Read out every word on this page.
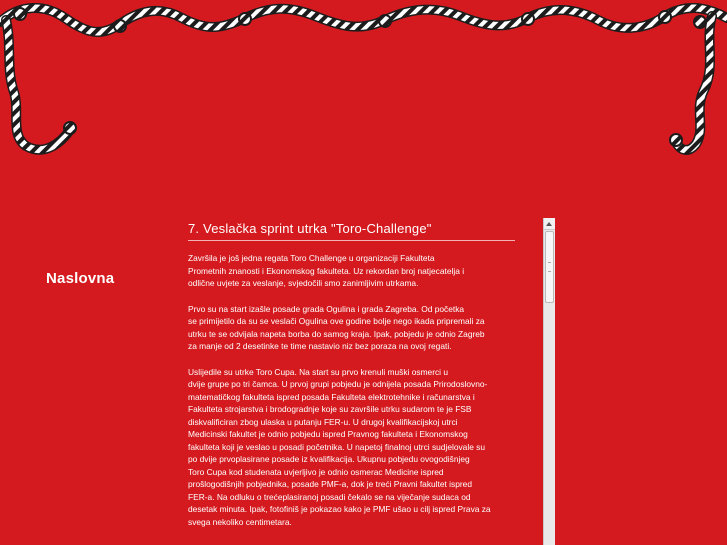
Naslovna
7. Veslačka sprint utrka "Toro-Challenge"

Završila je još jedna regata Toro Challenge u organizaciji Fakulteta
Prometnih znanosti i Ekonomskog fakulteta. Uz rekordan broj natjecatelja i
odlične uvjete za veslanje, svjedočili smo zanimljivim utrkama.

Prvo su na start izašle posade grada Ogulina i grada Zagreba. Od početka
se primijetilo da su se veslači Ogulina ove godine bolje nego ikada pripremali za
utrku te se odvijala napeta borba do samog kraja. Ipak, pobjedu je odnio Zagreb
za manje od 2 desetinke te time nastavio niz bez poraza na ovoj regati.

Uslijedile su utrke Toro Cupa. Na start su prvo krenuli muški osmerci u
dvije grupe po tri čamca. U prvoj grupi pobjedu je odnijela posada Prirodoslovno-
matematičkog fakulteta ispred posada Fakulteta elektrotehnike i računarstva i
Fakulteta strojarstva i brodogradnje koje su završile utrku sudarom te je FSB
diskvalificiran zbog ulaska u putanju FER-u. U drugoj kvalifikacijskoj utrci
Medicinski fakultet je odnio pobjedu ispred Pravnog fakulteta i Ekonomskog
fakulteta koji je veslao u posadi početnika. U napetoj finalnoj utrci sudjelovale su
po dvije prvoplasirane posade iz kvalifikacija. Ukupnu pobjedu ovogodišnjeg
Toro Cupa kod studenata uvjerljivo je odnio osmerac Medicine ispred
prošlogodišnjih pobjednika, posade PMF-a, dok je treći Pravni fakultet ispred
FER-a. Na odluku o trećeplasiranoj posadi čekalo se na viječanje sudaca od
desetak minuta. Ipak, fotofiniš je pokazao kako je PMF ušao u cilj ispred Prava za
svega nekoliko centimetara.
